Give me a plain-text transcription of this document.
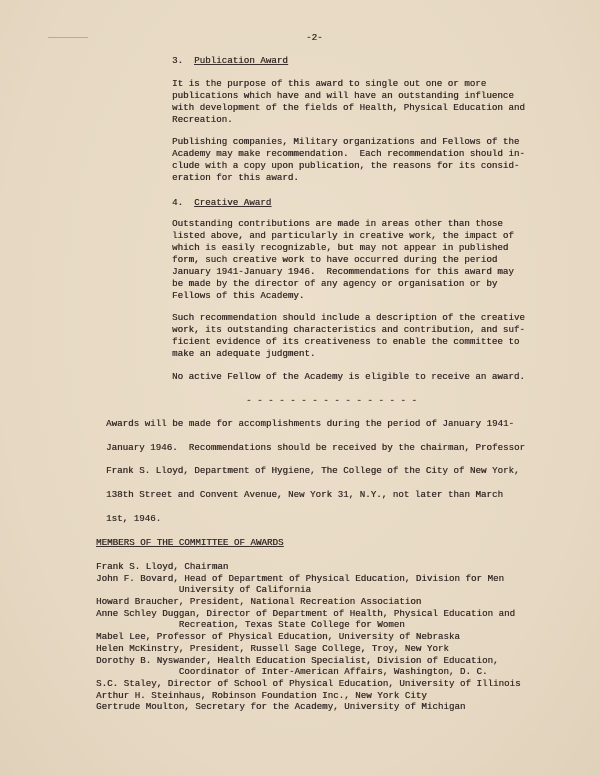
-2-
3. Publication Award
It is the purpose of this award to single out one or more
publications which have and will have an outstanding influence
with development of the fields of Health, Physical Education and
Recreation.
Publishing companies, Military organizations and Fellows of the
Academy may make recommendation.  Each recommendation should in-
clude with a copy upon publication, the reasons for its consid-
eration for this award.
4. Creative Award
Outstanding contributions are made in areas other than those
listed above, and particularly in creative work, the impact of
which is easily recognizable, but may not appear in published
form, such creative work to have occurred during the period
January 1941-January 1946.  Recommendations for this award may
be made by the director of any agency or organisation or by
Fellows of this Academy.
Such recommendation should include a description of the creative
work, its outstanding characteristics and contribution, and suf-
ficient evidence of its creativeness to enable the committee to
make an adequate judgment.
No active Fellow of the Academy is eligible to receive an award.
- - - - - - - - - - - - - - - -
Awards will be made for accomplishments during the period of January 1941-
January 1946.  Recommendations should be received by the chairman, Professor
Frank S. Lloyd, Department of Hygiene, The College of the City of New York,
138th Street and Convent Avenue, New York 31, N.Y., not later than March
1st, 1946.
MEMBERS OF THE COMMITTEE OF AWARDS
Frank S. Lloyd, Chairman
John F. Bovard, Head of Department of Physical Education, Division for Men
University of California
Howard Braucher, President, National Recreation Association
Anne Schley Duggan, Director of Department of Health, Physical Education and
Recreation, Texas State College for Women
Mabel Lee, Professor of Physical Education, University of Nebraska
Helen McKinstry, President, Russell Sage College, Troy, New York
Dorothy B. Nyswander, Health Education Specialist, Division of Education,
Coordinator of Inter-American Affairs, Washington, D. C.
S.C. Staley, Director of School of Physical Education, University of Illinois
Arthur H. Steinhaus, Robinson Foundation Inc., New York City
Gertrude Moulton, Secretary for the Academy, University of Michigan
